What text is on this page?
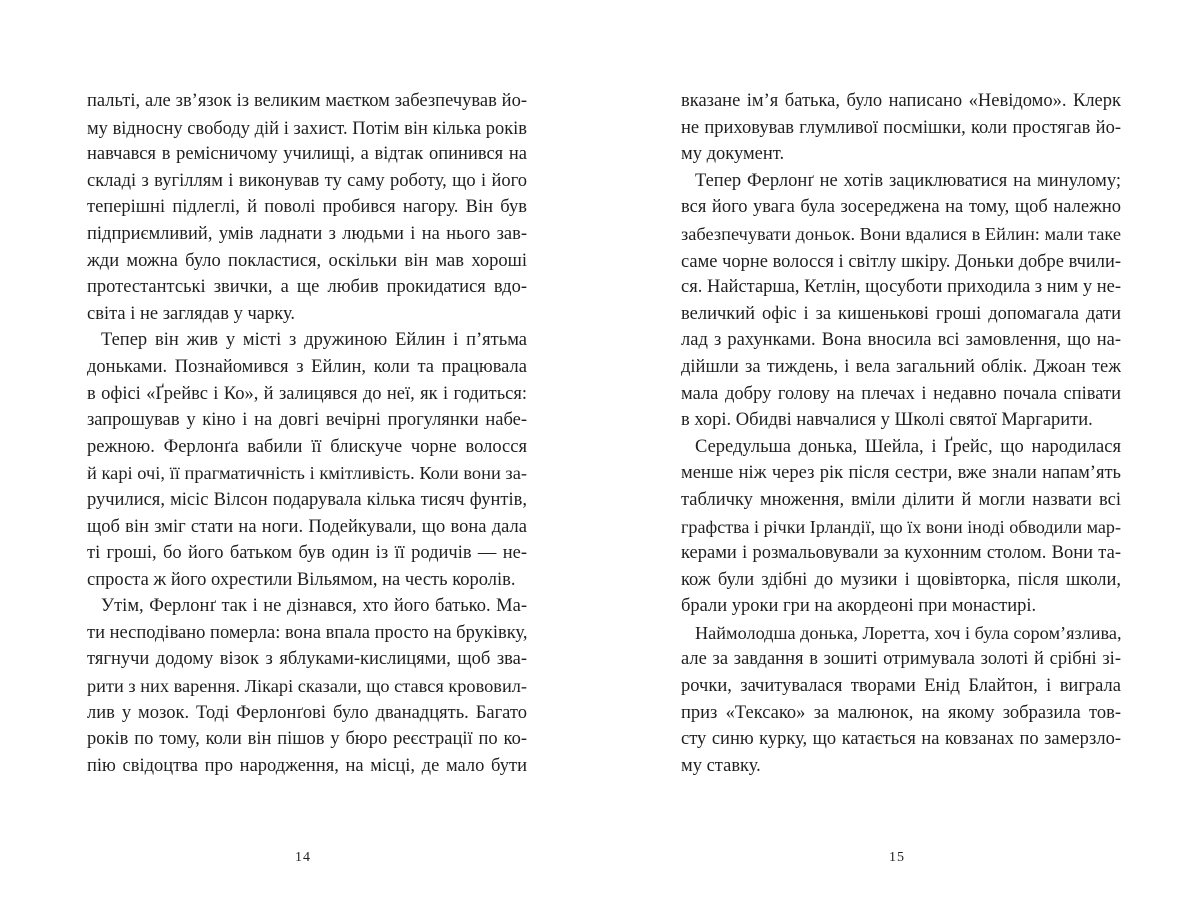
пальті, але зв’язок із великим маєтком забезпечував йо-
му відносну свободу дій і захист. Потім він кілька років
навчався в ремісничому училищі, а відтак опинився на
складі з вугіллям і виконував ту саму роботу, що і його
теперішні підлеглі, й поволі пробився нагору. Він був
підприємливий, умів ладнати з людьми і на нього зав-
жди можна було покластися, оскільки він мав хороші
протестантські звички, а ще любив прокидатися вдо-
світа і не заглядав у чарку.
Тепер він жив у місті з дружиною Ейлин і п’ятьма
доньками. Познайомився з Ейлин, коли та працювала
в офісі «Ґрейвс і Ко», й залицявся до неї, як і годиться:
запрошував у кіно і на довгі вечірні прогулянки набе-
режною. Ферлонґа вабили її блискуче чорне волосся
й карі очі, її прагматичність і кмітливість. Коли вони за-
ручилися, місіс Вілсон подарувала кілька тисяч фунтів,
щоб він зміг стати на ноги. Подейкували, що вона дала
ті гроші, бо його батьком був один із її родичів — не-
спроста ж його охрестили Вільямом, на честь королів.
Утім, Ферлонґ так і не дізнався, хто його батько. Ма-
ти несподівано померла: вона впала просто на бруківку,
тягнучи додому візок з яблуками-кислицями, щоб зва-
рити з них варення. Лікарі сказали, що стався крововил-
лив у мозок. Тоді Ферлонґові було дванадцять. Багато
років по тому, коли він пішов у бюро реєстрації по ко-
пію свідоцтва про народження, на місці, де мало бути
14
вказане ім’я батька, було написано «Невідомо». Клерк
не приховував глумливої посмішки, коли простягав йо-
му документ.
Тепер Ферлонґ не хотів зациклюватися на минулому;
вся його увага була зосереджена на тому, щоб належно
забезпечувати доньок. Вони вдалися в Ейлин: мали таке
саме чорне волосся і світлу шкіру. Доньки добре вчили-
ся. Найстарша, Кетлін, щосуботи приходила з ним у не-
величкий офіс і за кишенькові гроші допомагала дати
лад з рахунками. Вона вносила всі замовлення, що на-
дійшли за тиждень, і вела загальний облік. Джоан теж
мала добру голову на плечах і недавно почала співати
в хорі. Обидві навчалися у Школі святої Маргарити.
Середульша донька, Шейла, і Ґрейс, що народилася
менше ніж через рік після сестри, вже знали напам’ять
табличку множення, вміли ділити й могли назвати всі
графства і річки Ірландії, що їх вони іноді обводили мар-
керами і розмальовували за кухонним столом. Вони та-
кож були здібні до музики і щовівторка, після школи,
брали уроки гри на акордеоні при монастирі.
Наймолодша донька, Лоретта, хоч і була сором’язлива,
але за завдання в зошиті отримувала золоті й срібні зі-
рочки, зачитувалася творами Енід Блайтон, і виграла
приз «Тексако» за малюнок, на якому зобразила тов-
сту синю курку, що катається на ковзанах по замерзло-
му ставку.
15
